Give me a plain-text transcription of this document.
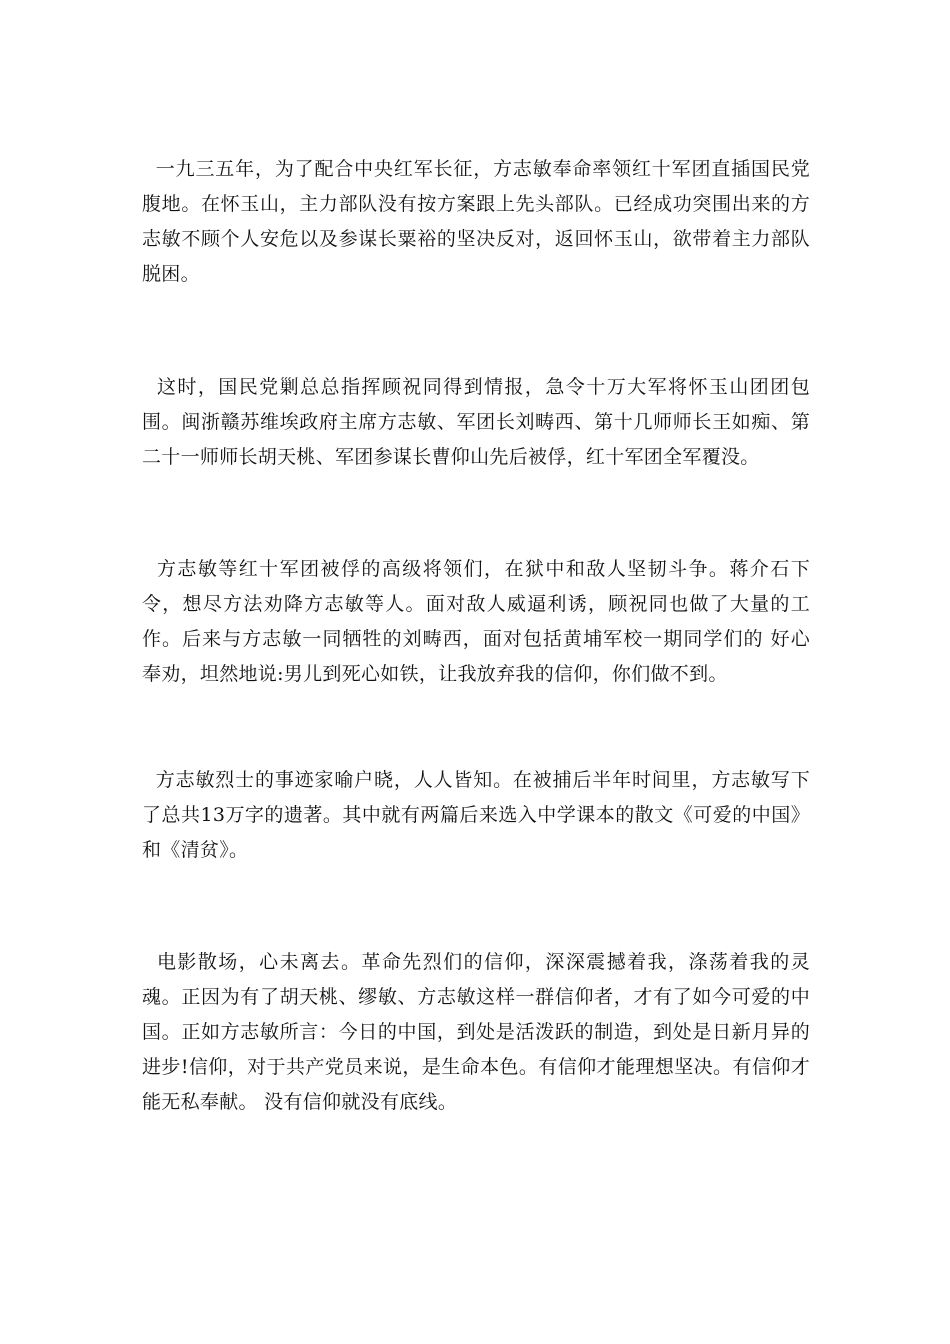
一九三五年，为了配合中央红军长征，方志敏奉命率领红十军团直插国民党腹地。在怀玉山，主力部队没有按方案跟上先头部队。已经成功突围出来的方志敏不顾个人安危以及参谋长粟裕的坚决反对，返回怀玉山，欲带着主力部队脱困。

这时，国民党剿总总指挥顾祝同得到情报，急令十万大军将怀玉山团团包围。闽浙赣苏维埃政府主席方志敏、军团长刘畴西、第十几师师长王如痴、第二十一师师长胡天桃、军团参谋长曹仰山先后被俘，红十军团全军覆没。

方志敏等红十军团被俘的高级将领们，在狱中和敌人坚韧斗争。蒋介石下令，想尽方法劝降方志敏等人。面对敌人威逼利诱，顾祝同也做了大量的工作。后来与方志敏一同牺牲的刘畴西，面对包括黄埔军校一期同学们的 好心 奉劝，坦然地说:男儿到死心如铁，让我放弃我的信仰，你们做不到。

方志敏烈士的事迹家喻户晓，人人皆知。在被捕后半年时间里，方志敏写下了总共13万字的遗著。其中就有两篇后来选入中学课本的散文《可爱的中国》和《清贫》。

电影散场，心未离去。革命先烈们的信仰，深深震撼着我，涤荡着我的灵魂。正因为有了胡天桃、缪敏、方志敏这样一群信仰者，才有了如今可爱的中国。正如方志敏所言：今日的中国，到处是活泼跃的制造，到处是日新月异的进步!信仰，对于共产党员来说，是生命本色。有信仰才能理想坚决。有信仰才能无私奉献。 没有信仰就没有底线。
